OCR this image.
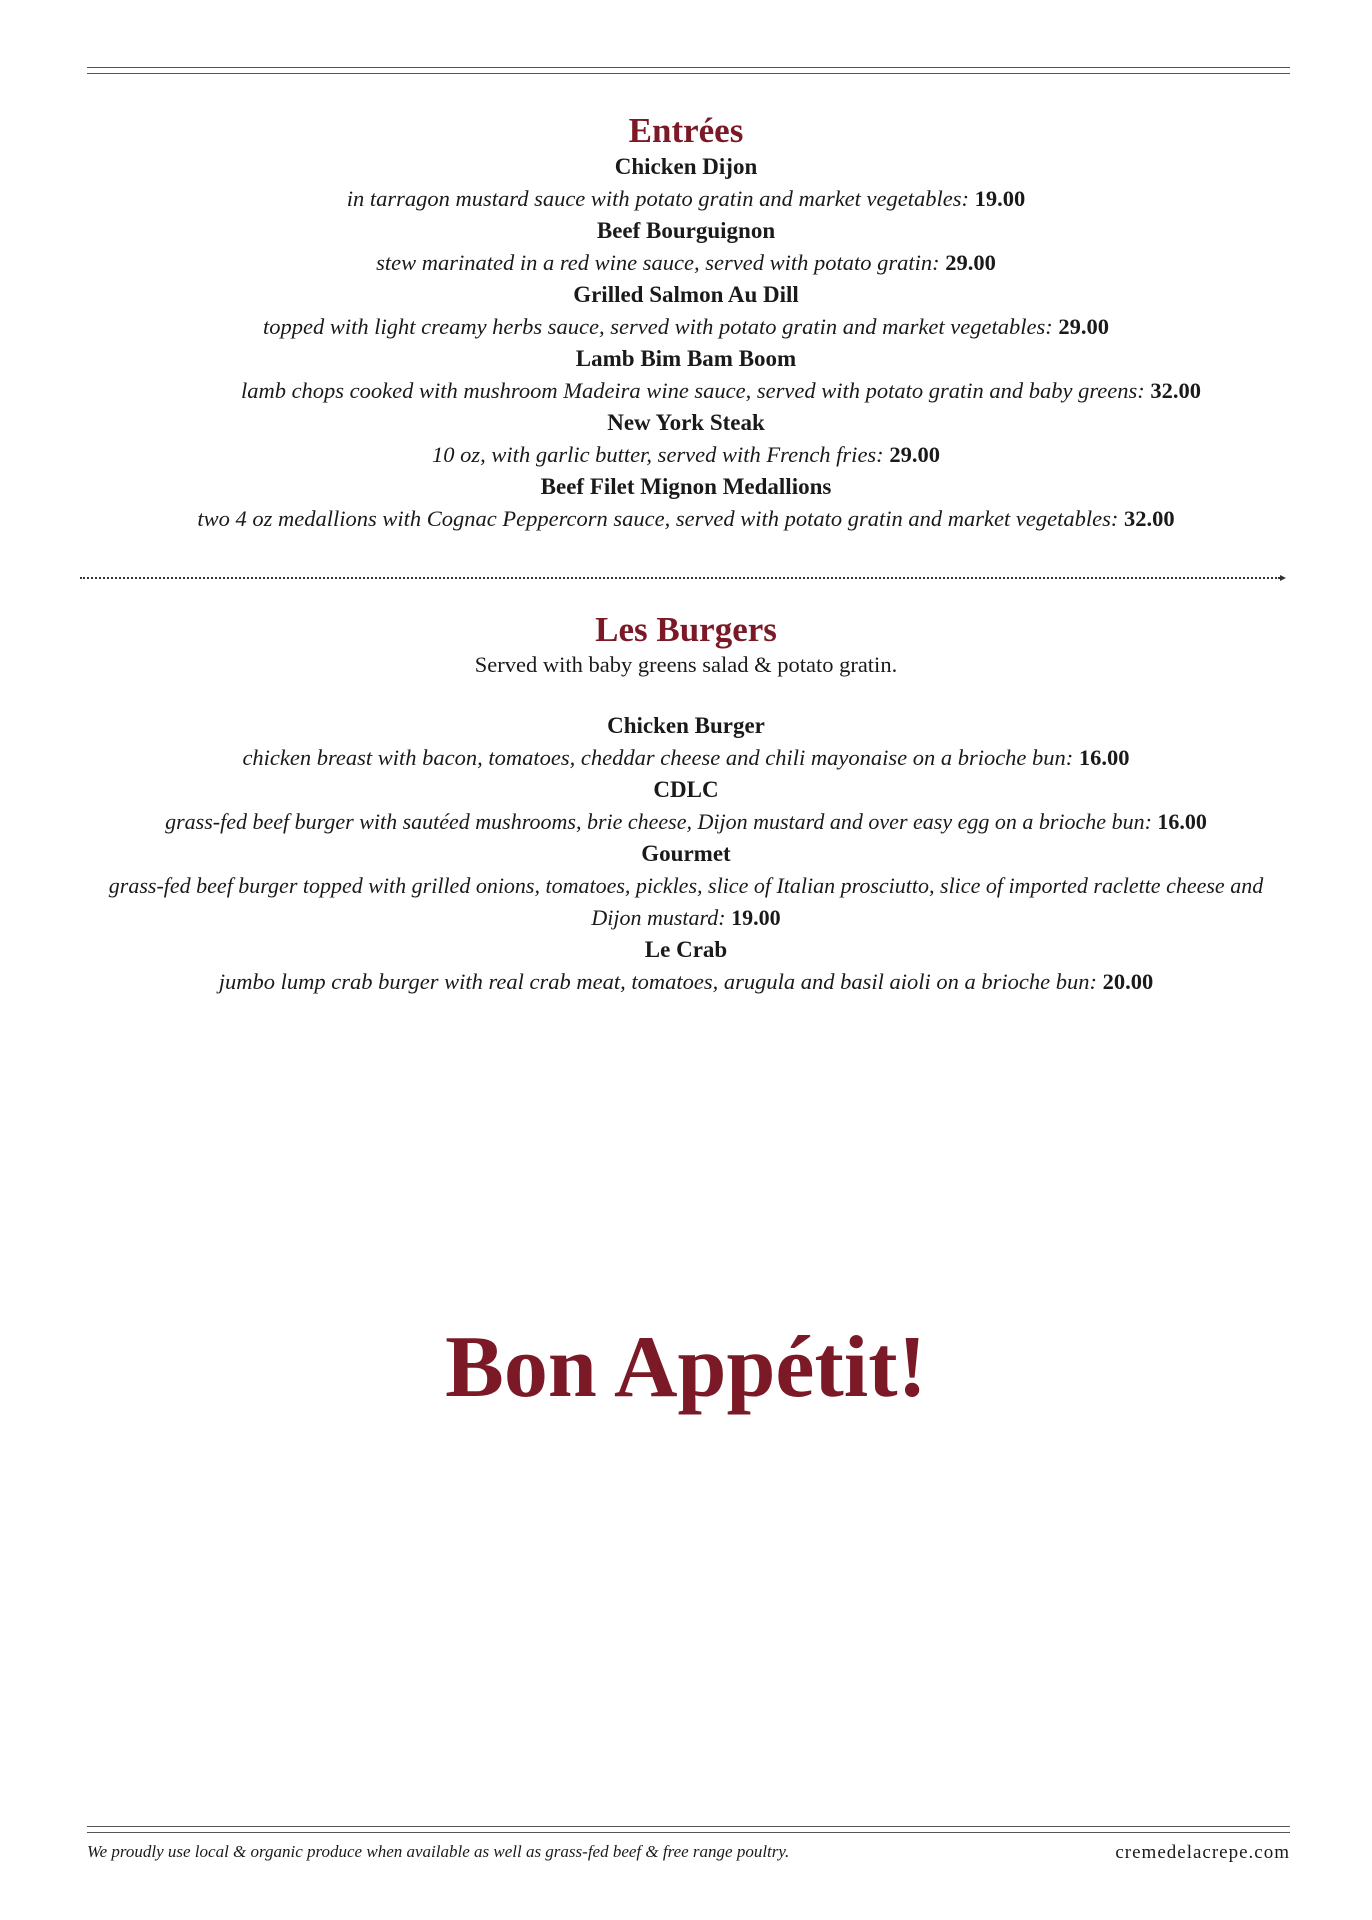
Entrées
Chicken Dijon
in tarragon mustard sauce with potato gratin and market vegetables: 19.00
Beef Bourguignon
stew marinated in a red wine sauce, served with potato gratin: 29.00
Grilled Salmon Au Dill
topped with light creamy herbs sauce, served with potato gratin and market vegetables: 29.00
Lamb Bim Bam Boom
lamb chops cooked with mushroom Madeira wine sauce, served with potato gratin and baby greens: 32.00
New York Steak
10 oz, with garlic butter, served with French fries: 29.00
Beef Filet Mignon Medallions
two 4 oz medallions with Cognac Peppercorn sauce, served with potato gratin and market vegetables: 32.00
Les Burgers
Served with baby greens salad & potato gratin.
Chicken Burger
chicken breast with bacon, tomatoes, cheddar cheese and chili mayonaise on a brioche bun: 16.00
CDLC
grass-fed beef burger with sautéed mushrooms, brie cheese, Dijon mustard and over easy egg on a brioche bun: 16.00
Gourmet
grass-fed beef burger topped with grilled onions, tomatoes, pickles, slice of Italian prosciutto, slice of imported raclette cheese and Dijon mustard: 19.00
Le Crab
jumbo lump crab burger with real crab meat, tomatoes, arugula and basil aioli on a brioche bun: 20.00
Bon Appétit!
We proudly use local & organic produce when available as well as grass-fed beef & free range poultry.	cremedelacrepe.com
